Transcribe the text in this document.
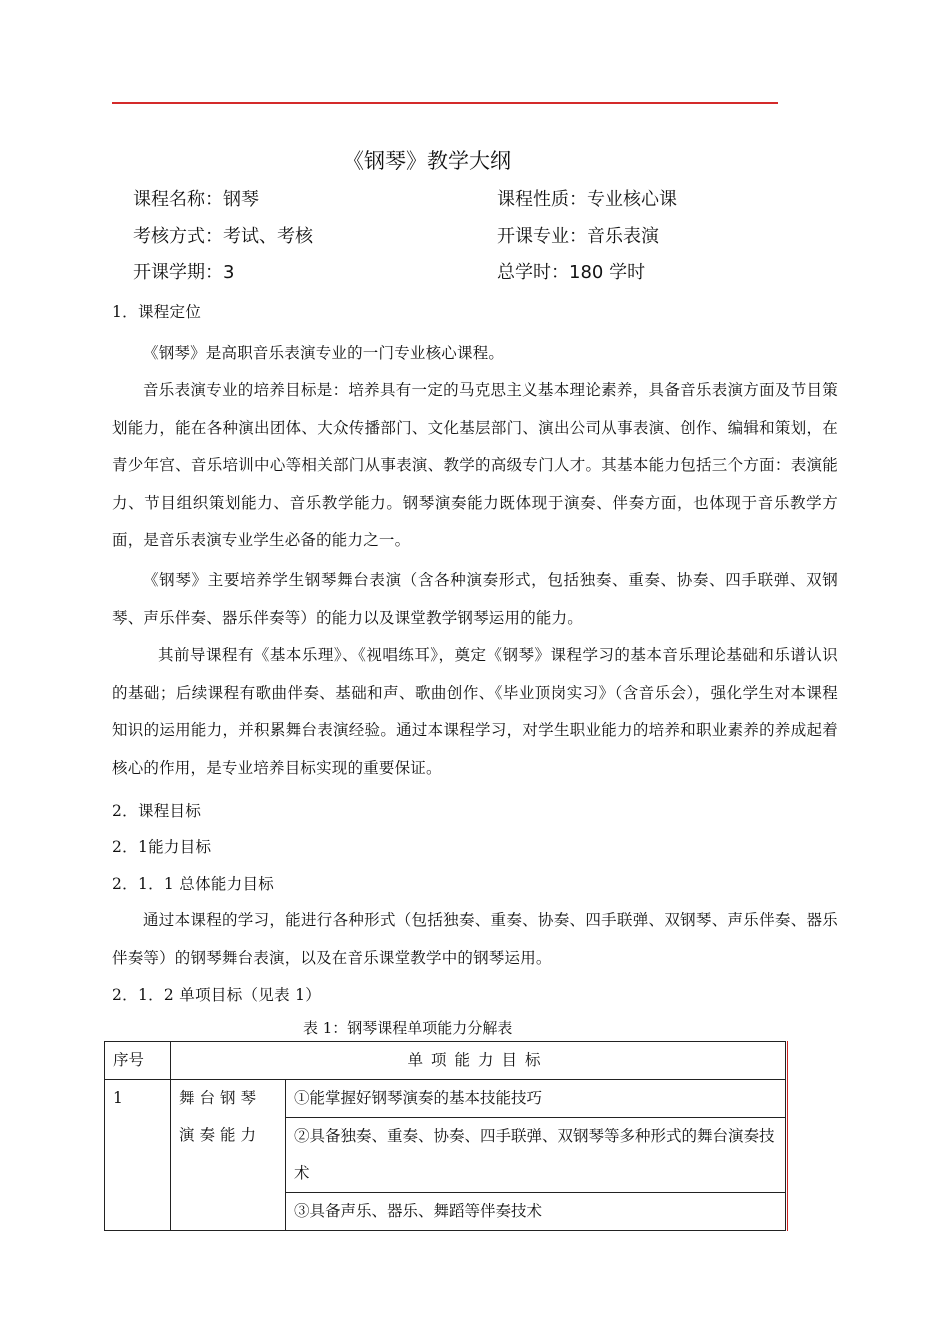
《钢琴》教学大纲
课程名称：钢琴	课程性质：专业核心课
考核方式：考试、考核	开课专业：音乐表演
开课学期：3	总学时：180 学时
1．课程定位
《钢琴》是高职音乐表演专业的一门专业核心课程。
音乐表演专业的培养目标是：培养具有一定的马克思主义基本理论素养，具备音乐表演方面及节目策划能力，能在各种演出团体、大众传播部门、文化基层部门、演出公司从事表演、创作、编辑和策划，在青少年宫、音乐培训中心等相关部门从事表演、教学的高级专门人才。其基本能力包括三个方面：表演能力、节目组织策划能力、音乐教学能力。钢琴演奏能力既体现于演奏、伴奏方面，也体现于音乐教学方面，是音乐表演专业学生必备的能力之一。
《钢琴》主要培养学生钢琴舞台表演（含各种演奏形式，包括独奏、重奏、协奏、四手联弹、双钢琴、声乐伴奏、器乐伴奏等）的能力以及课堂教学钢琴运用的能力。
其前导课程有《基本乐理》、《视唱练耳》，奠定《钢琴》课程学习的基本音乐理论基础和乐谱认识的基础；后续课程有歌曲伴奏、基础和声、歌曲创作、《毕业顶岗实习》（含音乐会），强化学生对本课程知识的运用能力，并积累舞台表演经验。通过本课程学习，对学生职业能力的培养和职业素养的养成起着核心的作用，是专业培养目标实现的重要保证。
2．课程目标
2．1能力目标
2．1．1 总体能力目标
通过本课程的学习，能进行各种形式（包括独奏、重奏、协奏、四手联弹、双钢琴、声乐伴奏、器乐伴奏等）的钢琴舞台表演，以及在音乐课堂教学中的钢琴运用。
2．1．2 单项目标（见表 1）
表 1：钢琴课程单项能力分解表
序号	单项能力目标	
1	舞台钢琴演奏能力	①能掌握好钢琴演奏的基本技能技巧
		②具备独奏、重奏、协奏、四手联弹、双钢琴等多种形式的舞台演奏技术
		③具备声乐、器乐、舞蹈等伴奏技术
